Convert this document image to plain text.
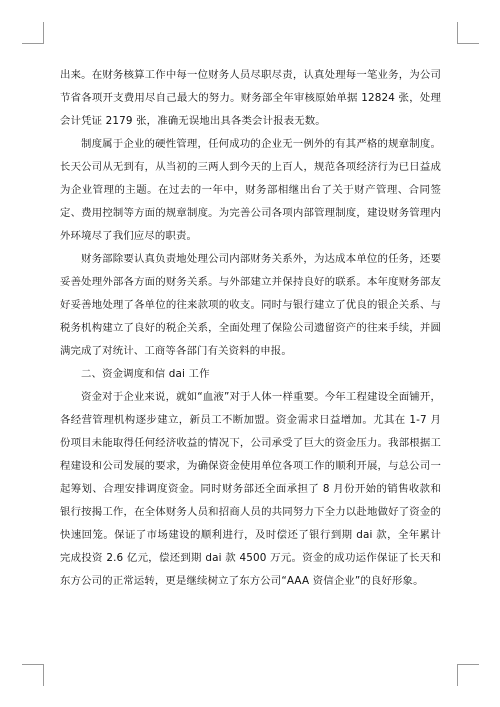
出来。在财务核算工作中每一位财务人员尽职尽责，认真处理每一笔业务，为公司节省各项开支费用尽自己最大的努力。财务部全年审核原始单据 12824 张，处理会计凭证 2179 张，准确无误地出具各类会计报表无数。

制度属于企业的硬性管理，任何成功的企业无一例外的有其严格的规章制度。长天公司从无到有，从当初的三两人到今天的上百人，规范各项经济行为已日益成为企业管理的主题。在过去的一年中，财务部相继出台了关于财产管理、合同签定、费用控制等方面的规章制度。为完善公司各项内部管理制度，建设财务管理内外环境尽了我们应尽的职责。

财务部除要认真负责地处理公司内部财务关系外，为达成本单位的任务，还要妥善处理外部各方面的财务关系。与外部建立并保持良好的联系。本年度财务部友好妥善地处理了各单位的往来款项的收支。同时与银行建立了优良的银企关系、与税务机构建立了良好的税企关系，全面处理了保险公司遗留资产的往来手续，并圆满完成了对统计、工商等各部门有关资料的申报。

二、资金调度和信 dai 工作

资金对于企业来说，就如“血液”对于人体一样重要。今年工程建设全面铺开，各经营管理机构逐步建立，新员工不断加盟。资金需求日益增加。尤其在 1-7 月份项目未能取得任何经济收益的情况下，公司承受了巨大的资金压力。我部根据工程建设和公司发展的要求，为确保资金使用单位各项工作的顺利开展，与总公司一起筹划、合理安排调度资金。同时财务部还全面承担了 8 月份开始的销售收款和银行按揭工作，在全体财务人员和招商人员的共同努力下全力以赴地做好了资金的快速回笼。保证了市场建设的顺利进行，及时偿还了银行到期 dai 款，全年累计完成投资 2.6 亿元，偿还到期 dai 款 4500 万元。资金的成功运作保证了长天和东方公司的正常运转，更是继续树立了东方公司“AAA 资信企业”的良好形象。
